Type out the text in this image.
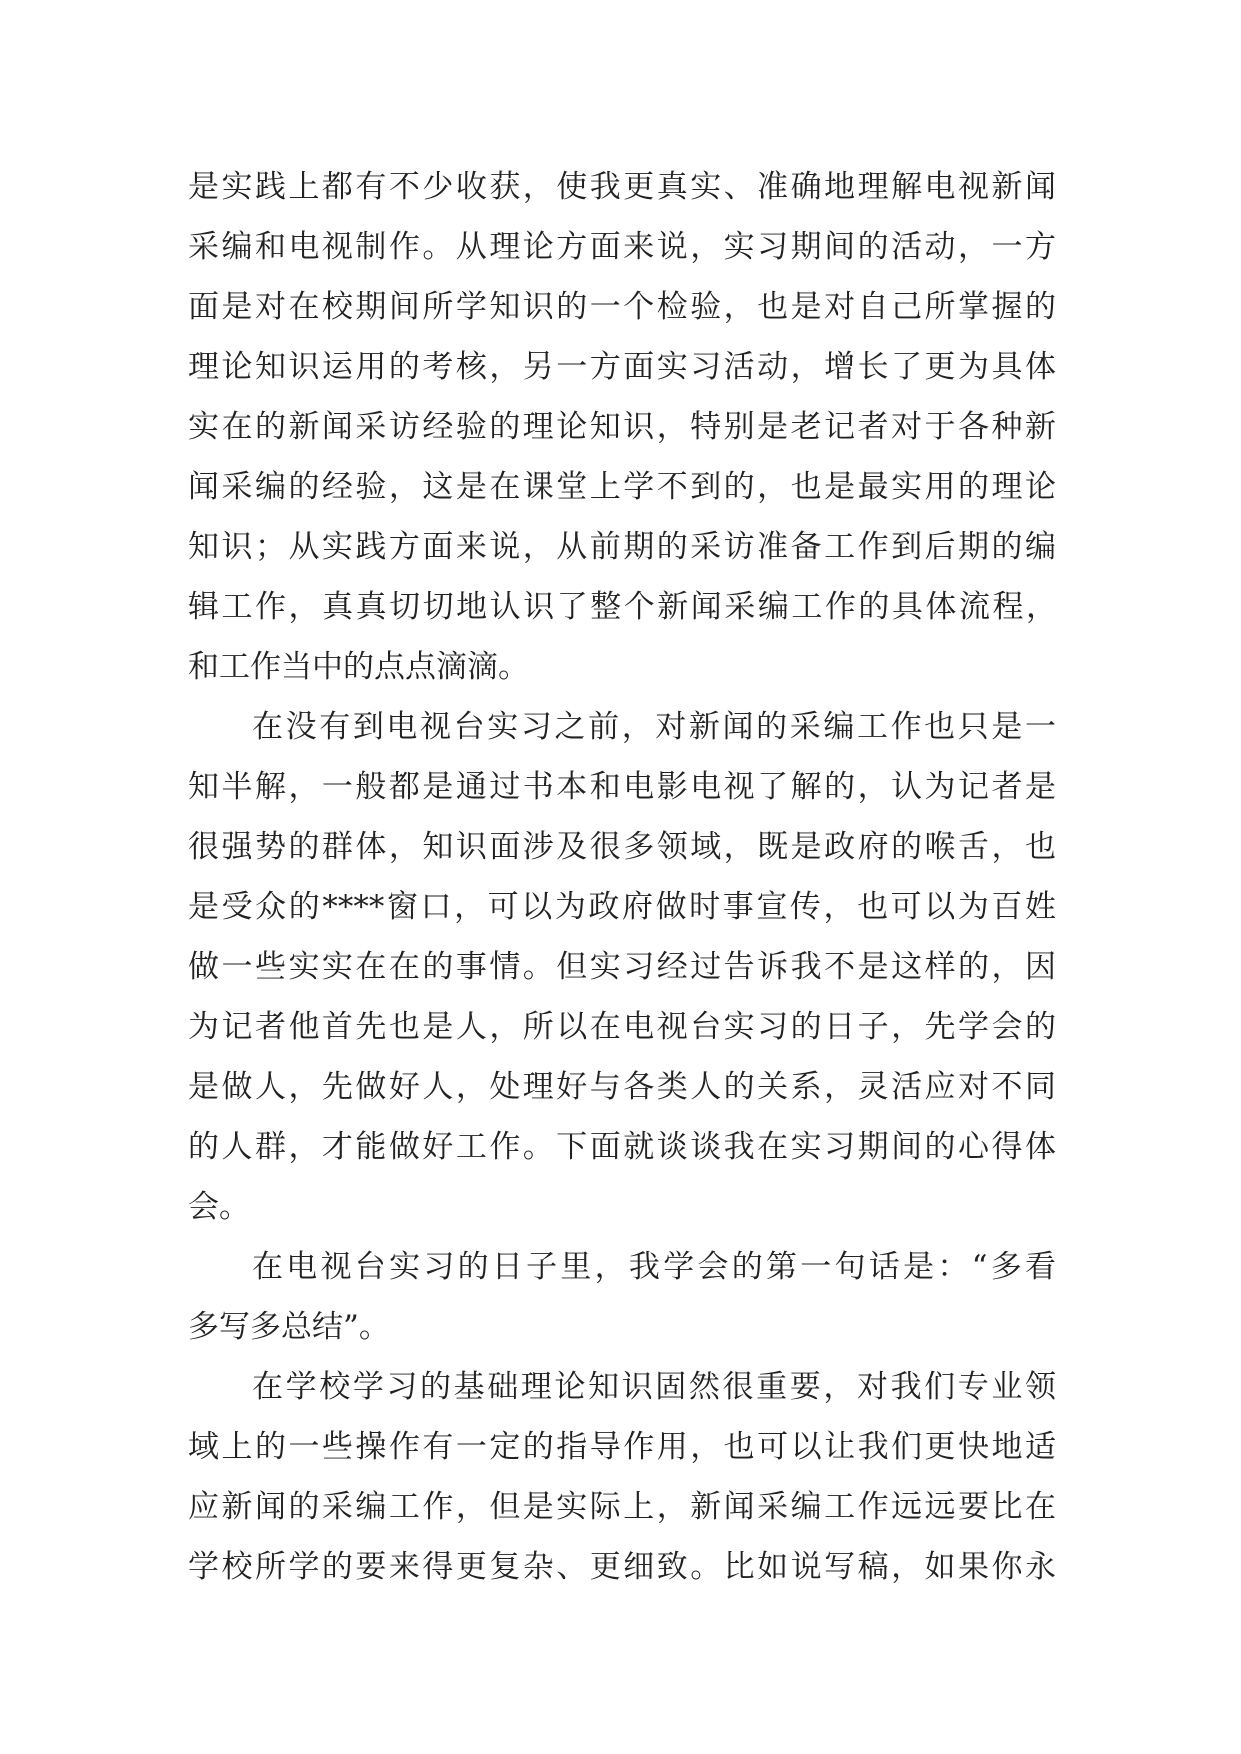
是实践上都有不少收获，使我更真实、准确地理解电视新闻
采编和电视制作。从理论方面来说，实习期间的活动，一方
面是对在校期间所学知识的一个检验，也是对自己所掌握的
理论知识运用的考核，另一方面实习活动，增长了更为具体
实在的新闻采访经验的理论知识，特别是老记者对于各种新
闻采编的经验，这是在课堂上学不到的，也是最实用的理论
知识；从实践方面来说，从前期的采访准备工作到后期的编
辑工作，真真切切地认识了整个新闻采编工作的具体流程，
和工作当中的点点滴滴。
在没有到电视台实习之前，对新闻的采编工作也只是一
知半解，一般都是通过书本和电影电视了解的，认为记者是
很强势的群体，知识面涉及很多领域，既是政府的喉舌，也
是受众的****窗口，可以为政府做时事宣传，也可以为百姓
做一些实实在在的事情。但实习经过告诉我不是这样的，因
为记者他首先也是人，所以在电视台实习的日子，先学会的
是做人，先做好人，处理好与各类人的关系，灵活应对不同
的人群，才能做好工作。下面就谈谈我在实习期间的心得体
会。
在电视台实习的日子里，我学会的第一句话是：“多看
多写多总结”。
在学校学习的基础理论知识固然很重要，对我们专业领
域上的一些操作有一定的指导作用，也可以让我们更快地适
应新闻的采编工作，但是实际上，新闻采编工作远远要比在
学校所学的要来得更复杂、更细致。比如说写稿，如果你永
